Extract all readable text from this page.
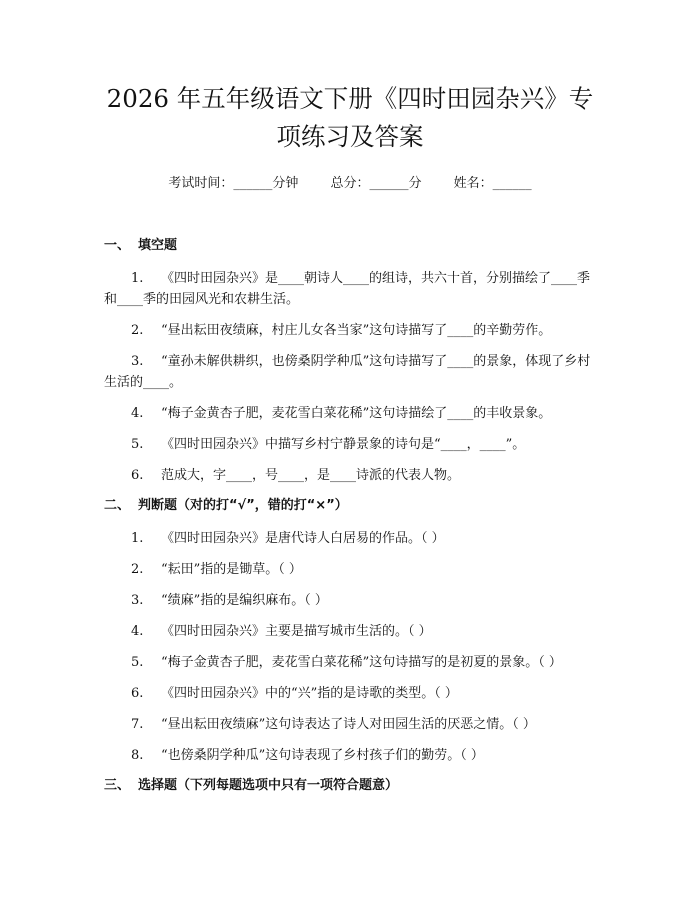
2026 年五年级语文下册《四时田园杂兴》专
项练习及答案
考试时间：______分钟 总分：______分 姓名：______

一、 填空题

1. 《四时田园杂兴》是____朝诗人____的组诗，共六十首，分别描绘了____季和____季的田园风光和农耕生活。

2. “昼出耘田夜绩麻，村庄儿女各当家”这句诗描写了____的辛勤劳作。

3. “童孙未解供耕织，也傍桑阴学种瓜”这句诗描写了____的景象，体现了乡村生活的____。

4. “梅子金黄杏子肥，麦花雪白菜花稀”这句诗描绘了____的丰收景象。

5. 《四时田园杂兴》中描写乡村宁静景象的诗句是“____，____”。

6. 范成大，字____，号____，是____诗派的代表人物。

二、 判断题（对的打“√”，错的打“×”）

1. 《四时田园杂兴》是唐代诗人白居易的作品。（ ）

2. “耘田”指的是锄草。（ ）

3. “绩麻”指的是编织麻布。（ ）

4. 《四时田园杂兴》主要是描写城市生活的。（ ）

5. “梅子金黄杏子肥，麦花雪白菜花稀”这句诗描写的是初夏的景象。（ ）

6. 《四时田园杂兴》中的“兴”指的是诗歌的类型。（ ）

7. “昼出耘田夜绩麻”这句诗表达了诗人对田园生活的厌恶之情。（ ）

8. “也傍桑阴学种瓜”这句诗表现了乡村孩子们的勤劳。（ ）

三、 选择题（下列每题选项中只有一项符合题意）
